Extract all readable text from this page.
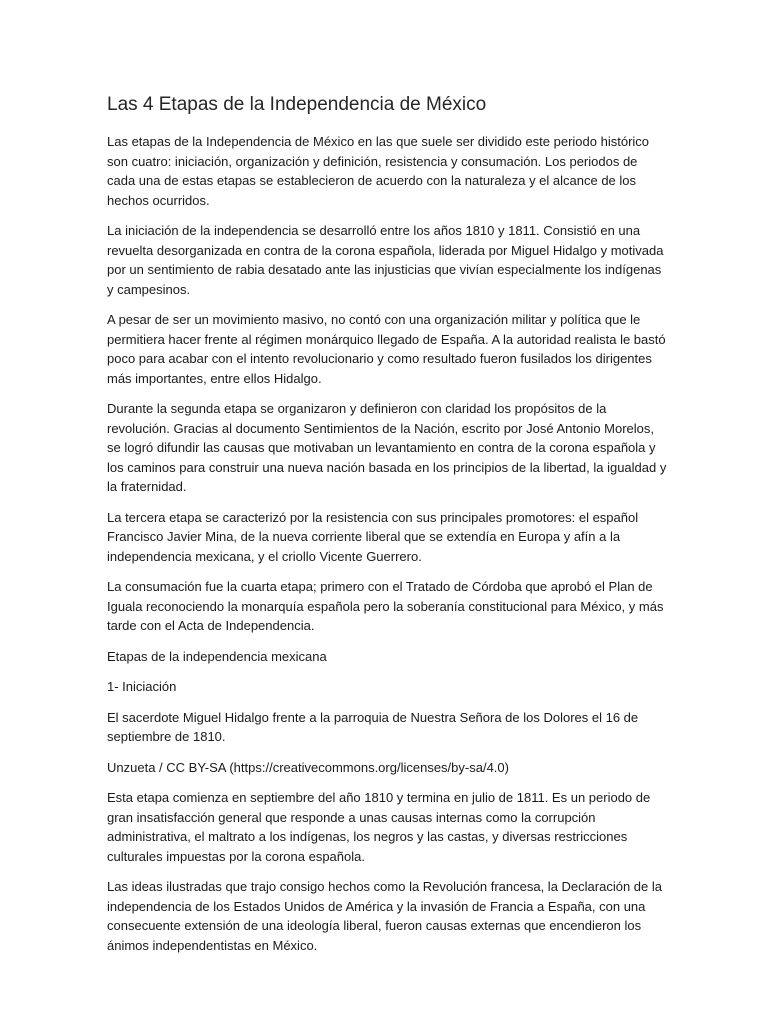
Las 4 Etapas de la Independencia de México

Las etapas de la Independencia de México en las que suele ser dividido este periodo histórico son cuatro: iniciación, organización y definición, resistencia y consumación. Los periodos de cada una de estas etapas se establecieron de acuerdo con la naturaleza y el alcance de los hechos ocurridos.

La iniciación de la independencia se desarrolló entre los años 1810 y 1811. Consistió en una revuelta desorganizada en contra de la corona española, liderada por Miguel Hidalgo y motivada por un sentimiento de rabia desatado ante las injusticias que vivían especialmente los indígenas y campesinos.

A pesar de ser un movimiento masivo, no contó con una organización militar y política que le permitiera hacer frente al régimen monárquico llegado de España. A la autoridad realista le bastó poco para acabar con el intento revolucionario y como resultado fueron fusilados los dirigentes más importantes, entre ellos Hidalgo.

Durante la segunda etapa se organizaron y definieron con claridad los propósitos de la revolución. Gracias al documento Sentimientos de la Nación, escrito por José Antonio Morelos, se logró difundir las causas que motivaban un levantamiento en contra de la corona española y los caminos para construir una nueva nación basada en los principios de la libertad, la igualdad y la fraternidad.

La tercera etapa se caracterizó por la resistencia con sus principales promotores: el español Francisco Javier Mina, de la nueva corriente liberal que se extendía en Europa y afín a la independencia mexicana, y el criollo Vicente Guerrero.

La consumación fue la cuarta etapa; primero con el Tratado de Córdoba que aprobó el Plan de Iguala reconociendo la monarquía española pero la soberanía constitucional para México, y más tarde con el Acta de Independencia.

Etapas de la independencia mexicana

1- Iniciación

El sacerdote Miguel Hidalgo frente a la parroquia de Nuestra Señora de los Dolores el 16 de septiembre de 1810.

Unzueta / CC BY-SA (https://creativecommons.org/licenses/by-sa/4.0)

Esta etapa comienza en septiembre del año 1810 y termina en julio de 1811. Es un periodo de gran insatisfacción general que responde a unas causas internas como la corrupción administrativa, el maltrato a los indígenas, los negros y las castas, y diversas restricciones culturales impuestas por la corona española.

Las ideas ilustradas que trajo consigo hechos como la Revolución francesa, la Declaración de la independencia de los Estados Unidos de América y la invasión de Francia a España, con una consecuente extensión de una ideología liberal, fueron causas externas que encendieron los ánimos independentistas en México.
